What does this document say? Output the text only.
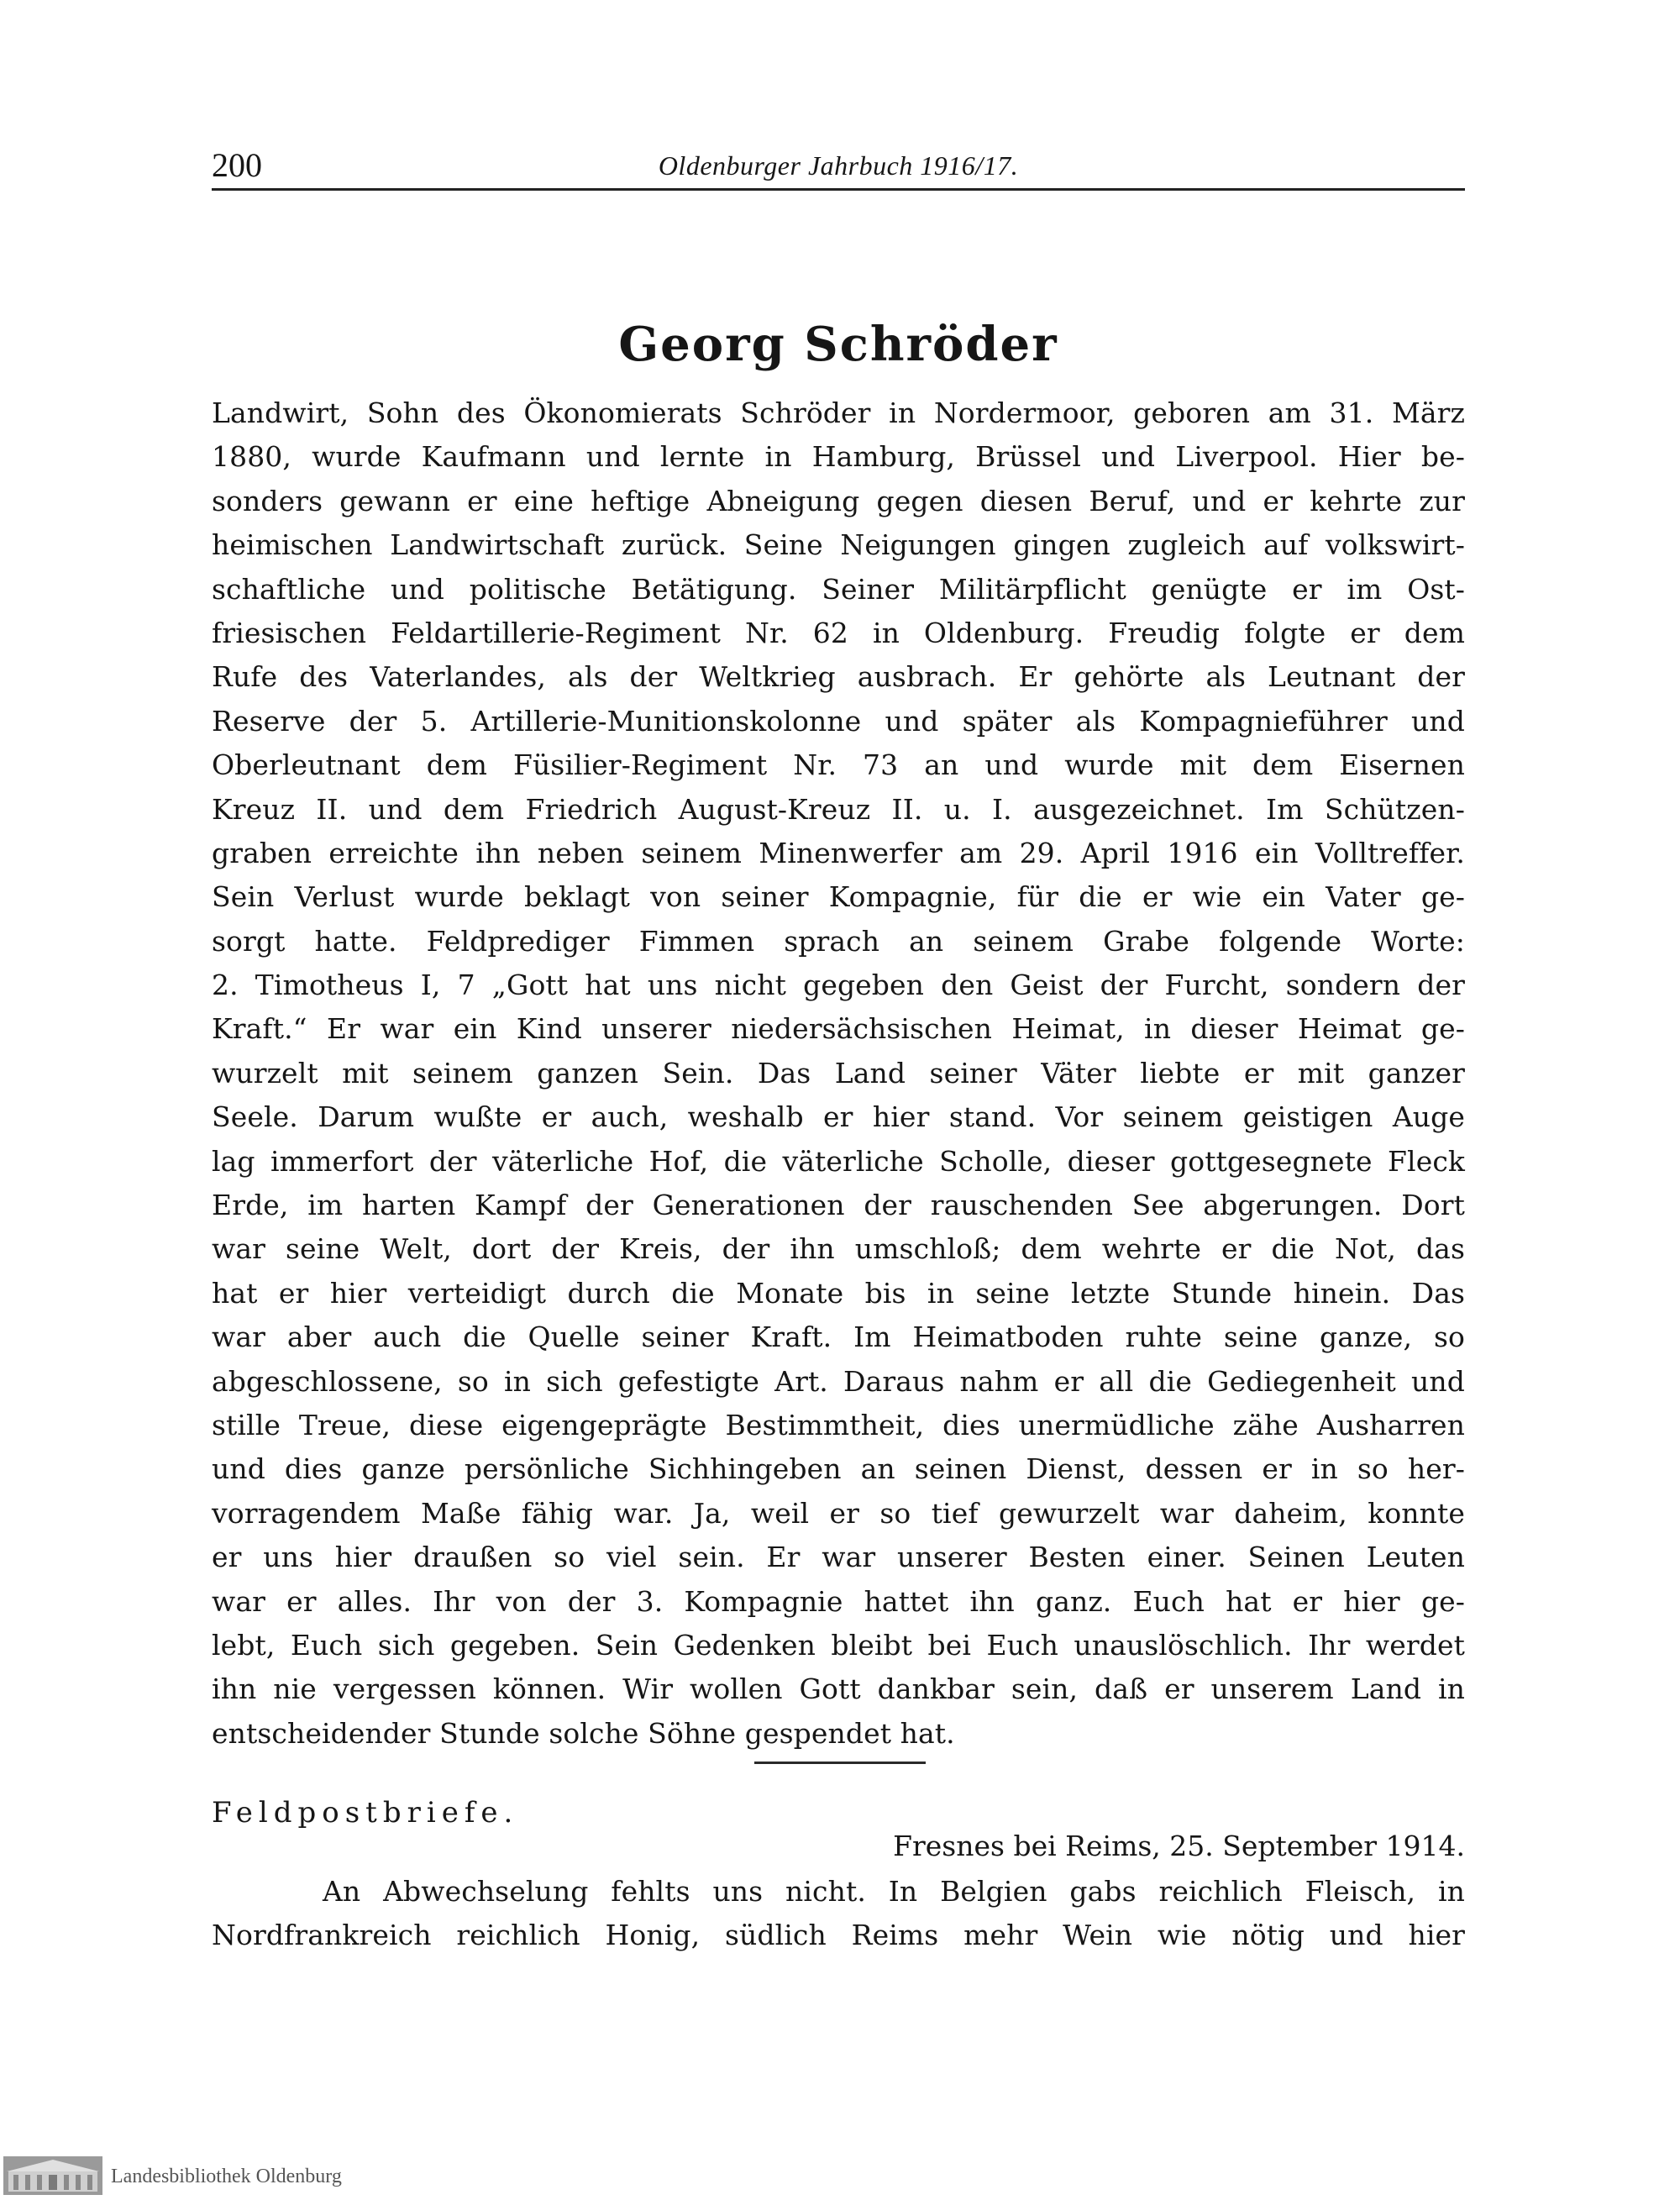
200	Oldenburger Jahrbuch 1916/17.
Georg Schröder
Landwirt, Sohn des Ökonomierats Schröder in Nordermoor, geboren am 31. März
1880, wurde Kaufmann und lernte in Hamburg, Brüssel und Liverpool. Hier be-
sonders gewann er eine heftige Abneigung gegen diesen Beruf, und er kehrte zur
heimischen Landwirtschaft zurück. Seine Neigungen gingen zugleich auf volkswirt-
schaftliche und politische Betätigung. Seiner Militärpflicht genügte er im Ost-
friesischen Feldartillerie-Regiment Nr. 62 in Oldenburg. Freudig folgte er dem
Rufe des Vaterlandes, als der Weltkrieg ausbrach. Er gehörte als Leutnant der
Reserve der 5. Artillerie-Munitionskolonne und später als Kompagnieführer und
Oberleutnant dem Füsilier-Regiment Nr. 73 an und wurde mit dem Eisernen
Kreuz II. und dem Friedrich August-Kreuz II. u. I. ausgezeichnet. Im Schützen-
graben erreichte ihn neben seinem Minenwerfer am 29. April 1916 ein Volltreffer.
Sein Verlust wurde beklagt von seiner Kompagnie, für die er wie ein Vater ge-
sorgt hatte. Feldprediger Fimmen sprach an seinem Grabe folgende Worte:
2. Timotheus I, 7 „Gott hat uns nicht gegeben den Geist der Furcht, sondern der
Kraft.“ Er war ein Kind unserer niedersächsischen Heimat, in dieser Heimat ge-
wurzelt mit seinem ganzen Sein. Das Land seiner Väter liebte er mit ganzer
Seele. Darum wußte er auch, weshalb er hier stand. Vor seinem geistigen Auge
lag immerfort der väterliche Hof, die väterliche Scholle, dieser gottgesegnete Fleck
Erde, im harten Kampf der Generationen der rauschenden See abgerungen. Dort
war seine Welt, dort der Kreis, der ihn umschloß; dem wehrte er die Not, das
hat er hier verteidigt durch die Monate bis in seine letzte Stunde hinein. Das
war aber auch die Quelle seiner Kraft. Im Heimatboden ruhte seine ganze, so
abgeschlossene, so in sich gefestigte Art. Daraus nahm er all die Gediegenheit und
stille Treue, diese eigengeprägte Bestimmtheit, dies unermüdliche zähe Ausharren
und dies ganze persönliche Sichhingeben an seinen Dienst, dessen er in so her-
vorragendem Maße fähig war. Ja, weil er so tief gewurzelt war daheim, konnte
er uns hier draußen so viel sein. Er war unserer Besten einer. Seinen Leuten
war er alles. Ihr von der 3. Kompagnie hattet ihn ganz. Euch hat er hier ge-
lebt, Euch sich gegeben. Sein Gedenken bleibt bei Euch unauslöschlich. Ihr werdet
ihn nie vergessen können. Wir wollen Gott dankbar sein, daß er unserem Land in
entscheidender Stunde solche Söhne gespendet hat.
Feldpostbriefe.
Fresnes bei Reims, 25. September 1914.
An Abwechselung fehlts uns nicht. In Belgien gabs reichlich Fleisch, in
Nordfrankreich reichlich Honig, südlich Reims mehr Wein wie nötig und hier
Landesbibliothek Oldenburg
